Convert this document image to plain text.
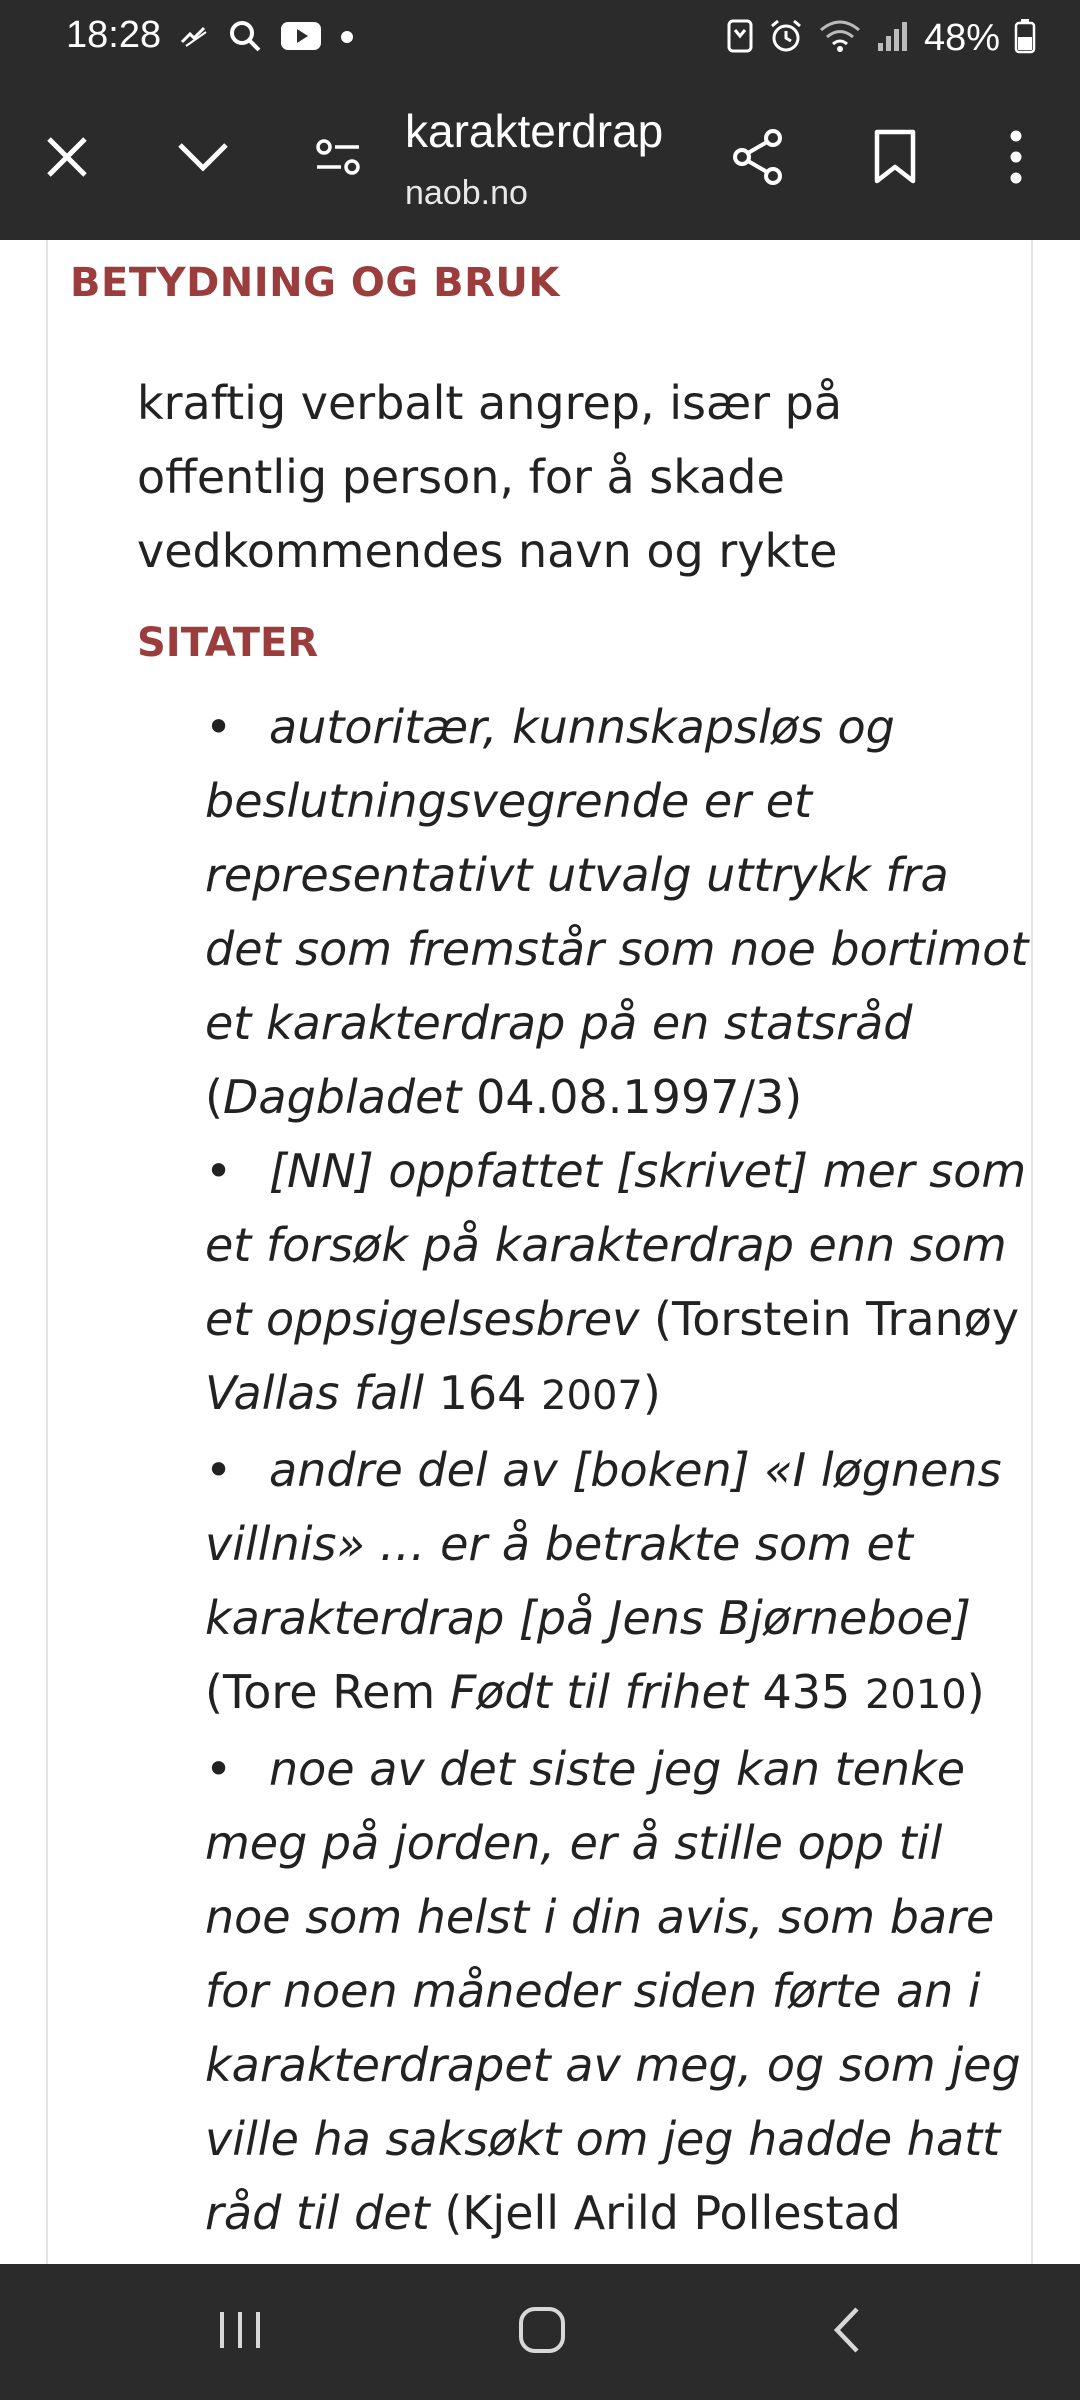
18:28	48%
karakterdrap
naob.no
BETYDNING OG BRUK
kraftig verbalt angrep, især på offentlig person, for å skade vedkommendes navn og rykte
SITATER
• autoritær, kunnskapsløs og beslutningsvegrende er et representativt utvalg uttrykk fra det som fremstår som noe bortimot et karakterdrap på en statsråd (Dagbladet 04.08.1997/3)
• [NN] oppfattet [skrivet] mer som et forsøk på karakterdrap enn som et oppsigelsesbrev (Torstein Tranøy Vallas fall 164 2007)
• andre del av [boken] «I løgnens villnis» … er å betrakte som et karakterdrap [på Jens Bjørneboe] (Tore Rem Født til frihet 435 2010)
• noe av det siste jeg kan tenke meg på jorden, er å stille opp til noe som helst i din avis, som bare for noen måneder siden førte an i karakterdrapet av meg, og som jeg ville ha saksøkt om jeg hadde hatt råd til det (Kjell Arild Pollestad
